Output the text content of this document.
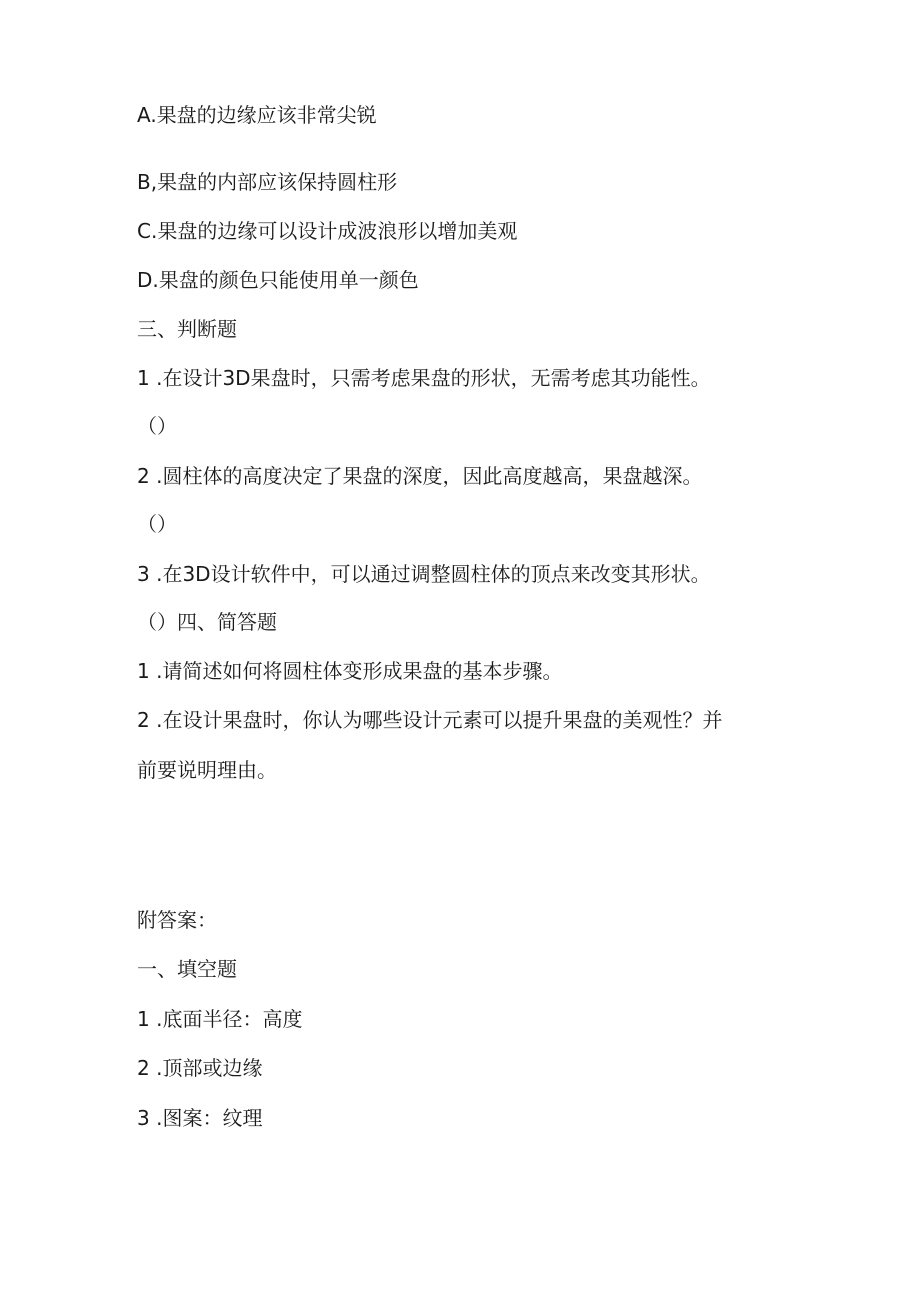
A.果盘的边缘应该非常尖锐
B,果盘的内部应该保持圆柱形
C.果盘的边缘可以设计成波浪形以增加美观
D.果盘的颜色只能使用单一颜色
三、判断题
1 .在设计3D果盘时，只需考虑果盘的形状，无需考虑其功能性。
（）
2 .圆柱体的高度决定了果盘的深度，因此高度越高，果盘越深。
（）
3 .在3D设计软件中，可以通过调整圆柱体的顶点来改变其形状。
（）四、简答题
1 .请简述如何将圆柱体变形成果盘的基本步骤。
2 .在设计果盘时，你认为哪些设计元素可以提升果盘的美观性？并
前要说明理由。
附答案：
一、填空题
1 .底面半径：高度
2 .顶部或边缘
3 .图案：纹理
